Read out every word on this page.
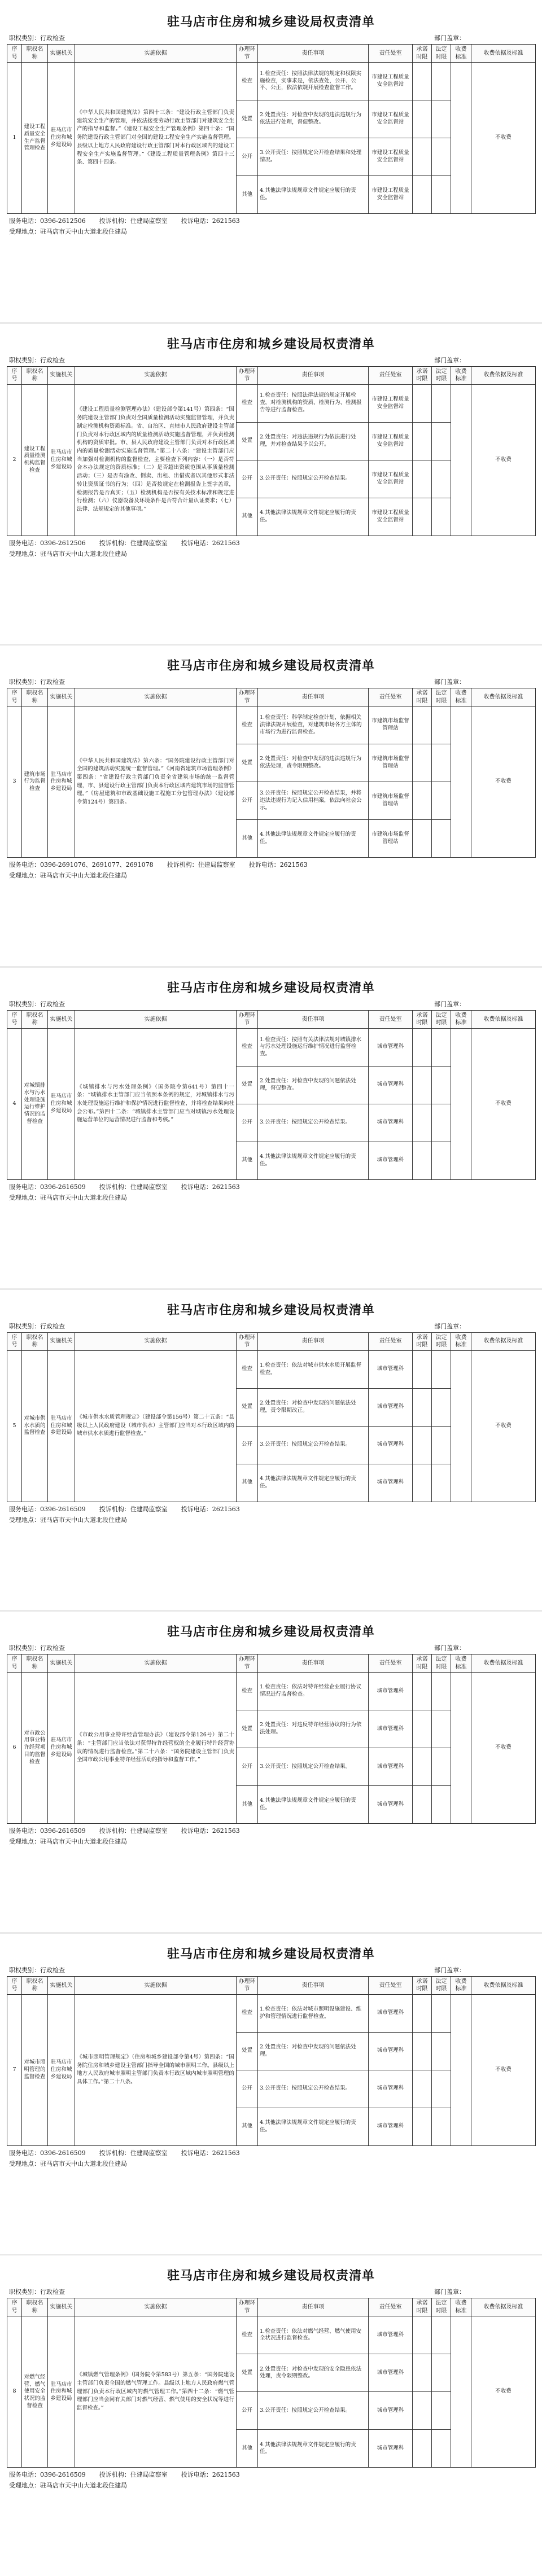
驻马店市住房和城乡建设局权责清单
职权类别：行政检查	部门盖章：
序号	职权名称	实施机关	实施依据	办理环节	责任事项	责任处室	承诺时限	法定时限	收费标准	收费依据及标准
1	建设工程质量安全生产监督管理检查	驻马店市住房和城乡建设局	《中华人民共和国建筑法》第四十三条：“建设行政主管部门负责建筑安全生产的管理，并依法接受劳动行政主管部门对建筑安全生产的指导和监督。”《建设工程安全生产管理条例》第四十条：“国务院建设行政主管部门对全国的建设工程安全生产实施监督管理。县级以上地方人民政府建设行政主管部门对本行政区域内的建设工程安全生产实施监督管理。”《建设工程质量管理条例》第四十三条、第四十四条。	检查	1.检查责任：按照法律法规的规定和权限实施检查，实事求是，依法查处，公开、公平、公正，依法依规开展检查监督工作。	市建设工程质量安全监督站				不收费
				处置	2.处置责任：对检查中发现的违法违规行为依法进行处理，督促整改。	市建设工程质量安全监督站				
				公开	3.公开责任：按照规定公开检查结果和处理情况。	市建设工程质量安全监督站				
				其他	4.其他法律法规规章文件规定应履行的责任。	市建设工程质量安全监督站				
服务电话：0396-2612506 投诉机构：住建局监察室 投诉电话：2621563
受理地点：驻马店市天中山大道北段住建局
驻马店市住房和城乡建设局权责清单
职权类别：行政检查	部门盖章：
序号	职权名称	实施机关	实施依据	办理环节	责任事项	责任处室	承诺时限	法定时限	收费标准	收费依据及标准
2	建设工程质量检测机构监督检查	驻马店市住房和城乡建设局	《建设工程质量检测管理办法》（建设部令第141号）第四条：“国务院建设主管部门负责对全国质量检测活动实施监督管理，并负责制定检测机构资质标准。省、自治区、直辖市人民政府建设主管部门负责对本行政区域内的质量检测活动实施监督管理，并负责检测机构的资质审批。市、县人民政府建设主管部门负责对本行政区域内的质量检测活动实施监督管理。”第二十八条：“建设主管部门应当加强对检测机构的监督检查，主要检查下列内容：（一）是否符合本办法规定的资质标准；（二）是否超出资质范围从事质量检测活动；（三）是否有涂改、倒卖、出租、出借或者以其他形式非法转让资质证书的行为；（四）是否按规定在检测报告上签字盖章，检测报告是否真实；（五）检测机构是否按有关技术标准和规定进行检测；（六）仪器设备及环境条件是否符合计量认证要求；（七）法律、法规规定的其他事项。”	检查	1.检查责任：按照法律法规的规定开展检查，对检测机构的资质、检测行为、检测报告等进行监督检查。	市建设工程质量安全监督站				不收费
				处置	2.处置责任：对违法违规行为依法进行处理，并对检查结果予以公开。	市建设工程质量安全监督站				
				公开	3.公开责任：按照规定公开检查结果。	市建设工程质量安全监督站				
				其他	4.其他法律法规规章文件规定应履行的责任。	市建设工程质量安全监督站				
服务电话：0396-2612506 投诉机构：住建局监察室 投诉电话：2621563
受理地点：驻马店市天中山大道北段住建局
驻马店市住房和城乡建设局权责清单
职权类别：行政检查	部门盖章：
序号	职权名称	实施机关	实施依据	办理环节	责任事项	责任处室	承诺时限	法定时限	收费标准	收费依据及标准
3	建筑市场行为监督检查	驻马店市住房和城乡建设局	《中华人民共和国建筑法》第六条：“国务院建设行政主管部门对全国的建筑活动实施统一监督管理。”《河南省建筑市场管理条例》第四条：“省建设行政主管部门负责全省建筑市场的统一监督管理，市、县建设行政主管部门负责本行政区域内建筑市场的监督管理。”《房屋建筑和市政基础设施工程施工分包管理办法》（建设部令第124号）第四条。	检查	1.检查责任：科学制定检查计划，依据相关法律法规开展检查，对建筑市场各方主体的市场行为进行监督检查。	市建筑市场监督管理站				不收费
				处置	2.处置责任：对检查中发现的违法违规行为依法处理，责令限期整改。	市建筑市场监督管理站				
				公开	3.公开责任：按照规定公开检查结果，并将违法违规行为记入信用档案，依法向社会公示。	市建筑市场监督管理站				
				其他	4.其他法律法规规章文件规定应履行的责任。	市建筑市场监督管理站				
服务电话：0396-2691076、2691077、2691078 投诉机构：住建局监察室 投诉电话：2621563
受理地点：驻马店市天中山大道北段住建局
驻马店市住房和城乡建设局权责清单
职权类别：行政检查	部门盖章：
序号	职权名称	实施机关	实施依据	办理环节	责任事项	责任处室	承诺时限	法定时限	收费标准	收费依据及标准
4	对城镇排水与污水处理设施运行维护情况的监督检查	驻马店市住房和城乡建设局	《城镇排水与污水处理条例》（国务院令第641号）第四十一条：“城镇排水主管部门应当依照本条例的规定，对城镇排水与污水处理设施运行维护和保护情况进行监督检查，并将检查结果向社会公布。”第四十二条：“城镇排水主管部门应当对城镇污水处理设施运营单位的运营情况进行监督和考核。”	检查	1.检查责任：按照有关法律法规对城镇排水与污水处理设施运行维护情况进行监督检查。	城市管理科				不收费
				处置	2.处置责任：对检查中发现的问题依法处理，督促整改。	城市管理科				
				公开	3.公开责任：按照规定公开检查结果。	城市管理科				
				其他	4.其他法律法规规章文件规定应履行的责任。	城市管理科				
服务电话：0396-2616509 投诉机构：住建局监察室 投诉电话：2621563
受理地点：驻马店市天中山大道北段住建局
驻马店市住房和城乡建设局权责清单
职权类别：行政检查	部门盖章：
序号	职权名称	实施机关	实施依据	办理环节	责任事项	责任处室	承诺时限	法定时限	收费标准	收费依据及标准
5	对城市供水水质的监督检查	驻马店市住房和城乡建设局	《城市供水水质管理规定》（建设部令第156号）第二十五条：“县级以上人民政府建设（城市供水）主管部门应当对本行政区域内的城市供水水质进行监督检查。”	检查	1.检查责任：依法对城市供水水质开展监督检查。	城市管理科				不收费
				处置	2.处置责任：对检查中发现的问题依法处理，责令限期改正。	城市管理科				
				公开	3.公开责任：按照规定公开检查结果。	城市管理科				
				其他	4.其他法律法规规章文件规定应履行的责任。	城市管理科				
服务电话：0396-2616509 投诉机构：住建局监察室 投诉电话：2621563
受理地点：驻马店市天中山大道北段住建局
驻马店市住房和城乡建设局权责清单
职权类别：行政检查	部门盖章：
序号	职权名称	实施机关	实施依据	办理环节	责任事项	责任处室	承诺时限	法定时限	收费标准	收费依据及标准
6	对市政公用事业特许经营项目的监督检查	驻马店市住房和城乡建设局	《市政公用事业特许经营管理办法》（建设部令第126号）第二十条：“主管部门应当依法对获得特许经营权的企业履行特许经营协议的情况进行监督检查。”第二十六条：“国务院建设主管部门负责全国市政公用事业特许经营活动的指导和监督工作。”	检查	1.检查责任：依法对特许经营企业履行协议情况进行监督检查。	城市管理科				不收费
				处置	2.处置责任：对违反特许经营协议的行为依法处理。	城市管理科				
				公开	3.公开责任：按照规定公开检查结果。	城市管理科				
				其他	4.其他法律法规规章文件规定应履行的责任。	城市管理科				
服务电话：0396-2616509 投诉机构：住建局监察室 投诉电话：2621563
受理地点：驻马店市天中山大道北段住建局
驻马店市住房和城乡建设局权责清单
职权类别：行政检查	部门盖章：
序号	职权名称	实施机关	实施依据	办理环节	责任事项	责任处室	承诺时限	法定时限	收费标准	收费依据及标准
7	对城市照明管理的监督检查	驻马店市住房和城乡建设局	《城市照明管理规定》（住房和城乡建设部令第4号）第四条：“国务院住房和城乡建设主管部门指导全国的城市照明工作。县级以上地方人民政府城市照明主管部门负责本行政区域内城市照明管理的具体工作。”第二十八条。	检查	1.检查责任：依法对城市照明设施建设、维护和管理情况进行监督检查。	城市管理科				不收费
				处置	2.处置责任：对检查中发现的问题依法处理。	城市管理科				
				公开	3.公开责任：按照规定公开检查结果。	城市管理科				
				其他	4.其他法律法规规章文件规定应履行的责任。	城市管理科				
服务电话：0396-2616509 投诉机构：住建局监察室 投诉电话：2621563
受理地点：驻马店市天中山大道北段住建局
驻马店市住房和城乡建设局权责清单
职权类别：行政检查	部门盖章：
序号	职权名称	实施机关	实施依据	办理环节	责任事项	责任处室	承诺时限	法定时限	收费标准	收费依据及标准
8	对燃气经营、燃气使用安全状况的监督检查	驻马店市住房和城乡建设局	《城镇燃气管理条例》（国务院令第583号）第五条：“国务院建设主管部门负责全国的燃气管理工作。县级以上地方人民政府燃气管理部门负责本行政区域内的燃气管理工作。”第四十二条：“燃气管理部门应当会同有关部门对燃气经营、燃气使用的安全状况等进行监督检查。”	检查	1.检查责任：依法对燃气经营、燃气使用安全状况进行监督检查。	城市管理科				不收费
				处置	2.处置责任：对检查中发现的安全隐患依法处理，责令限期整改。	城市管理科				
				公开	3.公开责任：按照规定公开检查结果。	城市管理科				
				其他	4.其他法律法规规章文件规定应履行的责任。	城市管理科				
服务电话：0396-2616509 投诉机构：住建局监察室 投诉电话：2621563
受理地点：驻马店市天中山大道北段住建局
